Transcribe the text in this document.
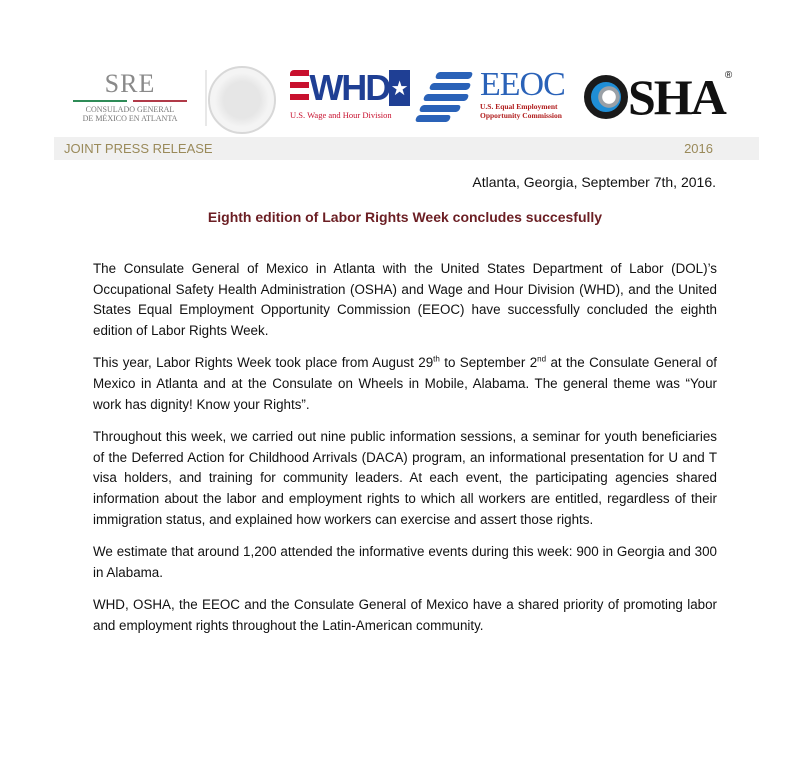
SRE
CONSULADO GENERAL
DE MÉXICO EN ATLANTA
WHD ★
U.S. Wage and Hour Division
EEOC
U.S. Equal Employment
Opportunity Commission	SHA ®
JOINT PRESS RELEASE	2016
Atlanta, Georgia, September 7th, 2016.
Eighth edition of Labor Rights Week concludes succesfully

The Consulate General of Mexico in Atlanta with the United States Department of Labor (DOL)’s Occupational Safety Health Administration (OSHA) and Wage and Hour Division (WHD), and the United States Equal Employment Opportunity Commission (EEOC) have successfully concluded the eighth edition of Labor Rights Week.

This year, Labor Rights Week took place from August 29th to September 2nd at the Consulate General of Mexico in Atlanta and at the Consulate on Wheels in Mobile, Alabama. The general theme was “Your work has dignity! Know your Rights”.

Throughout this week, we carried out nine public information sessions, a seminar for youth beneficiaries of the Deferred Action for Childhood Arrivals (DACA) program, an informational presentation for U and T visa holders, and training for community leaders. At each event, the participating agencies shared information about the labor and employment rights to which all workers are entitled, regardless of their immigration status, and explained how workers can exercise and assert those rights.

We estimate that around 1,200 attended the informative events during this week: 900 in Georgia and 300 in Alabama.

WHD, OSHA, the EEOC and the Consulate General of Mexico have a shared priority of promoting labor and employment rights throughout the Latin-American community.
